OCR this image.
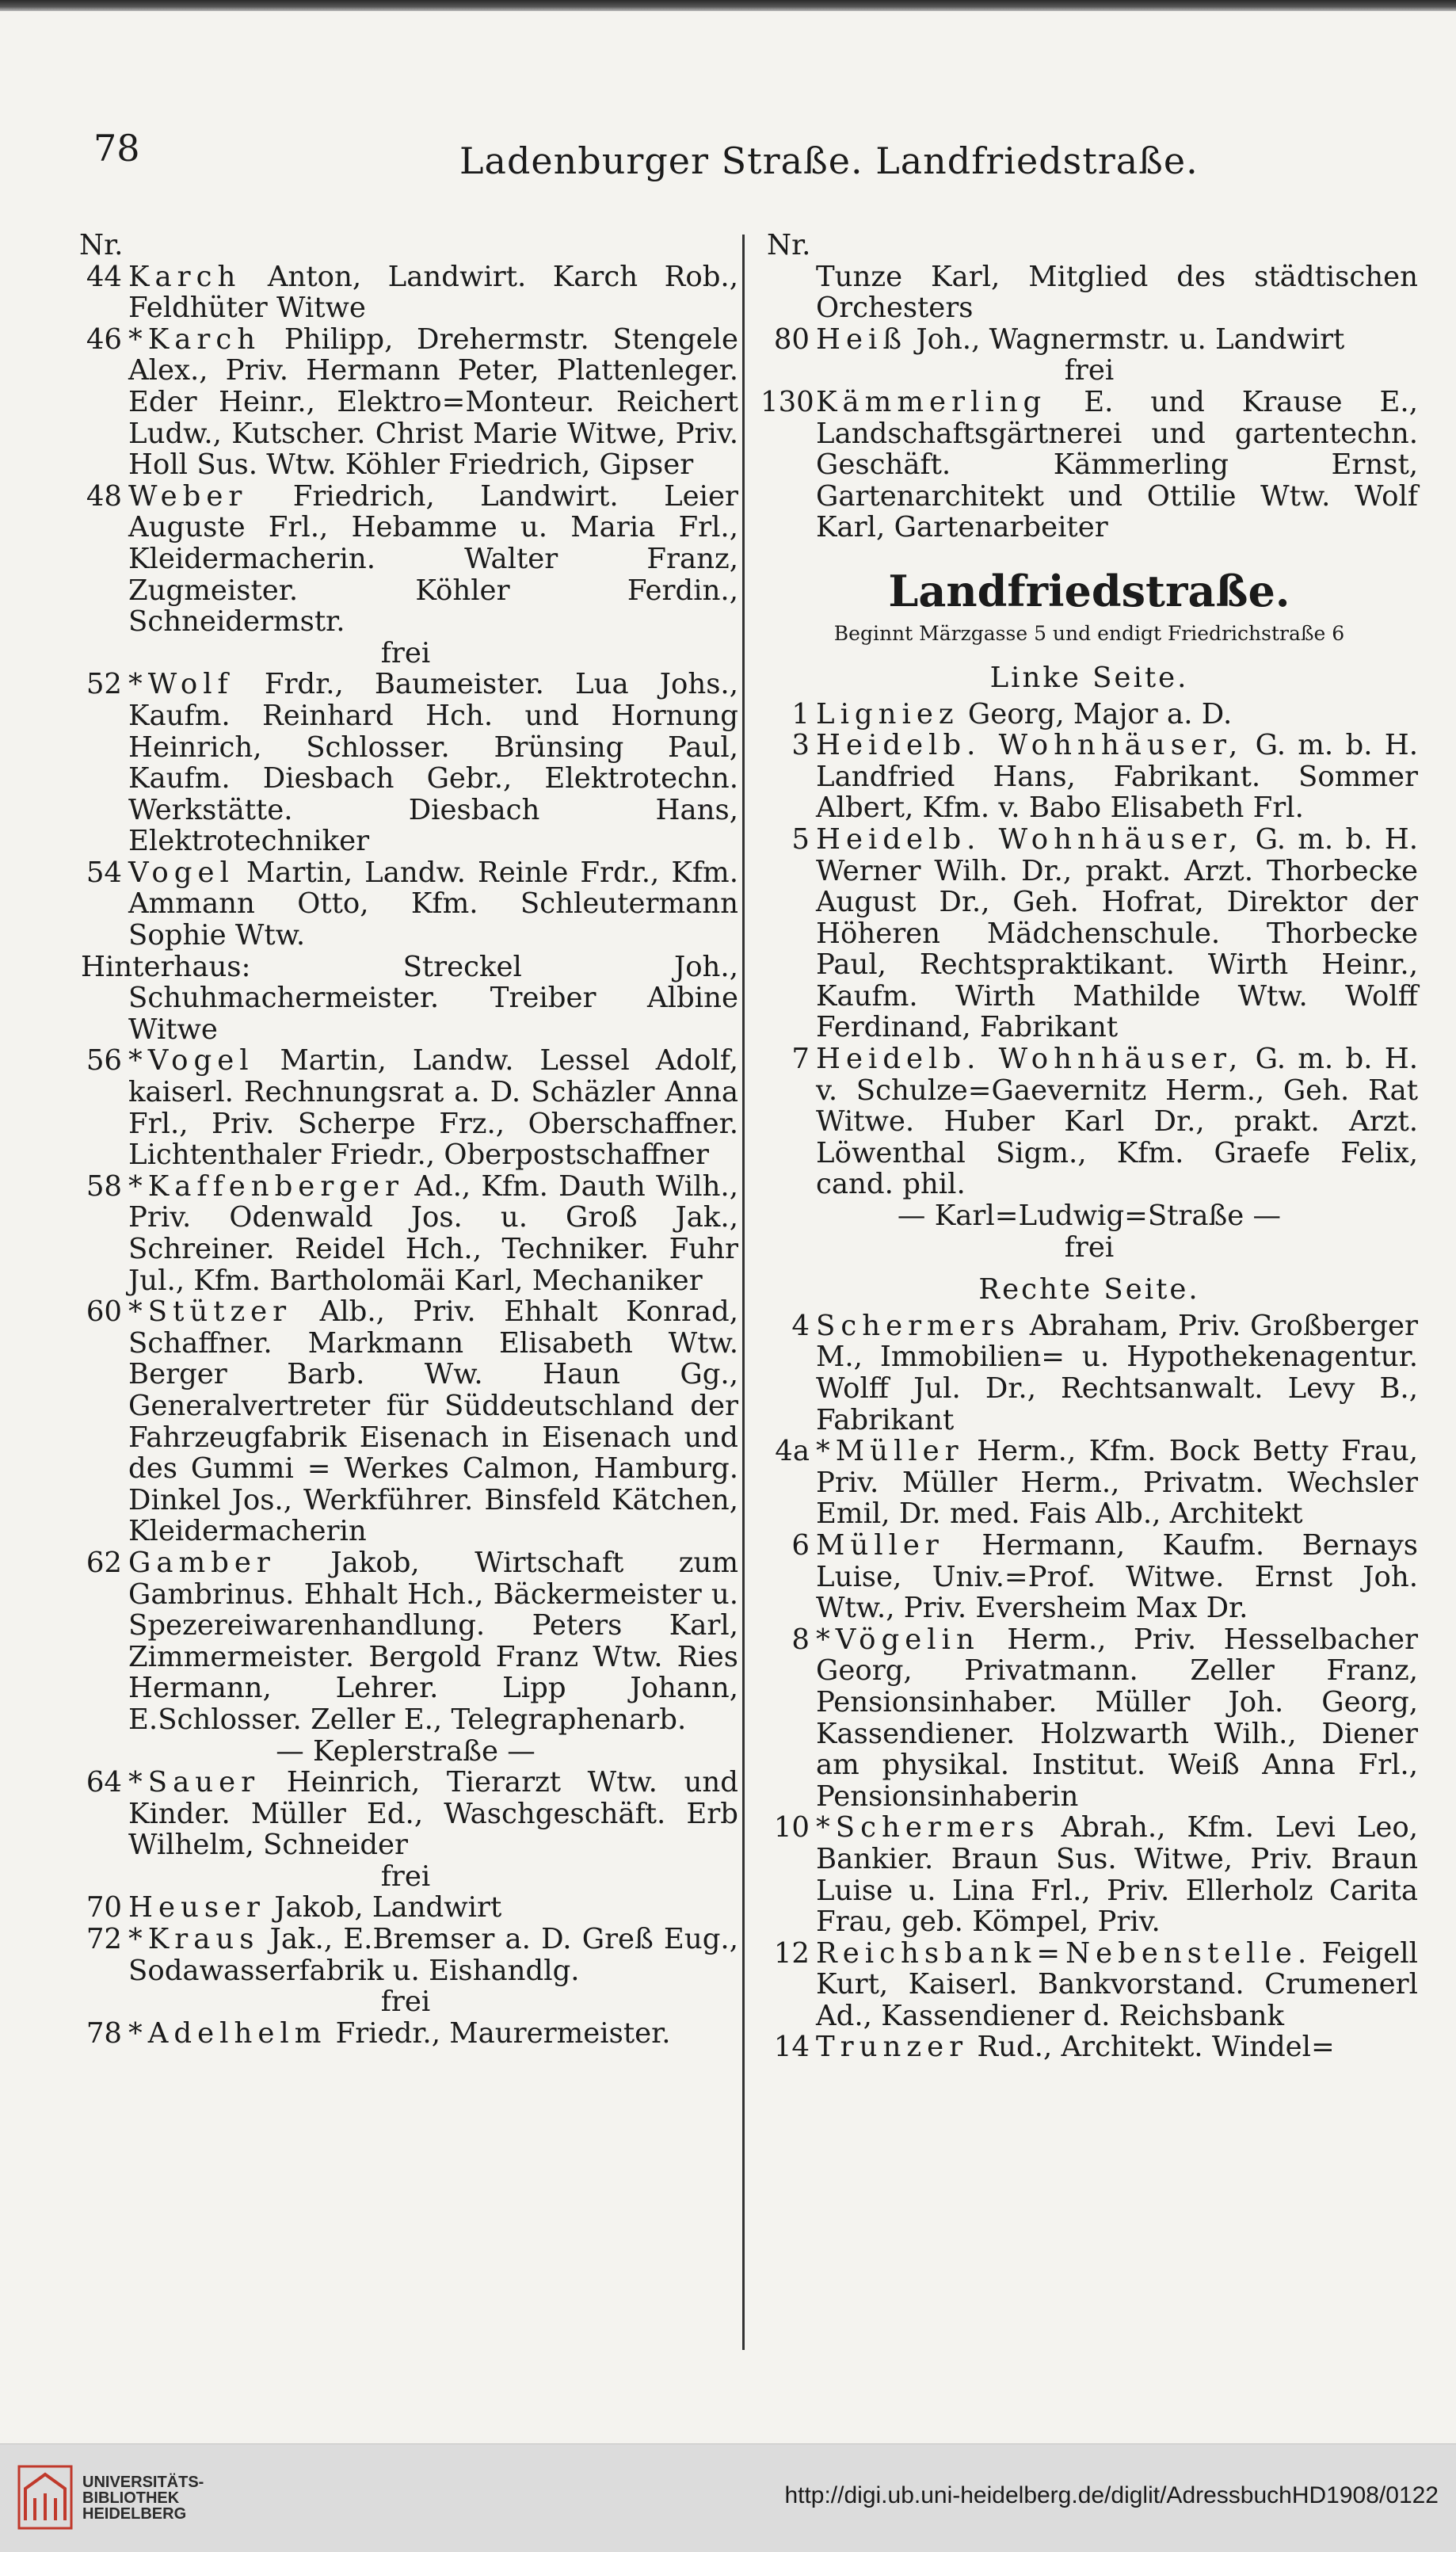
78	Ladenburger Straße. Landfriedstraße.

Nr.

44 Karch Anton, Landwirt. Karch Rob., Feldhüter Witwe

46 *Karch Philipp, Drehermstr. Stengele Alex., Priv. Hermann Peter, Plattenleger. Eder Heinr., Elektro=Monteur. Reichert Ludw., Kutscher. Christ Marie Witwe, Priv. Holl Sus. Wtw. Köhler Friedrich, Gipser

48 Weber Friedrich, Landwirt. Leier Auguste Frl., Hebamme u. Maria Frl., Kleidermacherin. Walter Franz, Zugmeister. Köhler Ferdin., Schneidermstr.

frei

52 *Wolf Frdr., Baumeister. Lua Johs., Kaufm. Reinhard Hch. und Hornung Heinrich, Schlosser. Brünsing Paul, Kaufm. Diesbach Gebr., Elektrotechn. Werkstätte. Diesbach Hans, Elektrotechniker

54 Vogel Martin, Landw. Reinle Frdr., Kfm. Ammann Otto, Kfm. Schleutermann Sophie Wtw.

Hinterhaus: Streckel Joh., Schuhmachermeister. Treiber Albine Witwe

56 *Vogel Martin, Landw. Lessel Adolf, kaiserl. Rechnungsrat a. D. Schäzler Anna Frl., Priv. Scherpe Frz., Oberschaffner. Lichtenthaler Friedr., Oberpostschaffner

58 *Kaffenberger Ad., Kfm. Dauth Wilh., Priv. Odenwald Jos. u. Groß Jak., Schreiner. Reidel Hch., Techniker. Fuhr Jul., Kfm. Bartholomäi Karl, Mechaniker

60 *Stützer Alb., Priv. Ehhalt Konrad, Schaffner. Markmann Elisabeth Wtw. Berger Barb. Ww. Haun Gg., Generalvertreter für Süddeutschland der Fahrzeugfabrik Eisenach in Eisenach und des Gummi = Werkes Calmon, Hamburg. Dinkel Jos., Werkführer. Binsfeld Kätchen, Kleidermacherin

62 Gamber Jakob, Wirtschaft zum Gambrinus. Ehhalt Hch., Bäckermeister u. Spezereiwarenhandlung. Peters Karl, Zimmermeister. Bergold Franz Wtw. Ries Hermann, Lehrer. Lipp Johann, E.Schlosser. Zeller E., Telegraphenarb.

— Keplerstraße —

64 *Sauer Heinrich, Tierarzt Wtw. und Kinder. Müller Ed., Waschgeschäft. Erb Wilhelm, Schneider

frei

70 Heuser Jakob, Landwirt

72 *Kraus Jak., E.Bremser a. D. Greß Eug., Sodawasserfabrik u. Eishandlg.

frei

78 *Adelhelm Friedr., Maurermeister.

Nr.

Tunze Karl, Mitglied des städtischen Orchesters

80 Heiß Joh., Wagnermstr. u. Landwirt

frei

130 Kämmerling E. und Krause E., Landschaftsgärtnerei und gartentechn. Geschäft. Kämmerling Ernst, Gartenarchitekt und Ottilie Wtw. Wolf Karl, Gartenarbeiter

Landfriedstraße.
Beginnt Märzgasse 5 und endigt Friedrichstraße 6
Linke Seite.

1 Ligniez Georg, Major a. D.

3 Heidelb. Wohnhäuser, G. m. b. H. Landfried Hans, Fabrikant. Sommer Albert, Kfm. v. Babo Elisabeth Frl.

5 Heidelb. Wohnhäuser, G. m. b. H. Werner Wilh. Dr., prakt. Arzt. Thorbecke August Dr., Geh. Hofrat, Direktor der Höheren Mädchenschule. Thorbecke Paul, Rechtspraktikant. Wirth Heinr., Kaufm. Wirth Mathilde Wtw. Wolff Ferdinand, Fabrikant

7 Heidelb. Wohnhäuser, G. m. b. H. v. Schulze=Gaevernitz Herm., Geh. Rat Witwe. Huber Karl Dr., prakt. Arzt. Löwenthal Sigm., Kfm. Graefe Felix, cand. phil.

— Karl=Ludwig=Straße —

frei

Rechte Seite.

4 Schermers Abraham, Priv. Großberger M., Immobilien= u. Hypothekenagentur. Wolff Jul. Dr., Rechtsanwalt. Levy B., Fabrikant

4a *Müller Herm., Kfm. Bock Betty Frau, Priv. Müller Herm., Privatm. Wechsler Emil, Dr. med. Fais Alb., Architekt

6 Müller Hermann, Kaufm. Bernays Luise, Univ.=Prof. Witwe. Ernst Joh. Wtw., Priv. Eversheim Max Dr.

8 *Vögelin Herm., Priv. Hesselbacher Georg, Privatmann. Zeller Franz, Pensionsinhaber. Müller Joh. Georg, Kassendiener. Holzwarth Wilh., Diener am physikal. Institut. Weiß Anna Frl., Pensionsinhaberin

10 *Schermers Abrah., Kfm. Levi Leo, Bankier. Braun Sus. Witwe, Priv. Braun Luise u. Lina Frl., Priv. Ellerholz Carita Frau, geb. Kömpel, Priv.

12 Reichsbank=Nebenstelle. Feigell Kurt, Kaiserl. Bankvorstand. Crumenerl Ad., Kassendiener d. Reichsbank

14 Trunzer Rud., Architekt. Windel=

UNIVERSITÄTS-
BIBLIOTHEK
HEIDELBERG
http://digi.ub.uni-heidelberg.de/diglit/AdressbuchHD1908/0122
